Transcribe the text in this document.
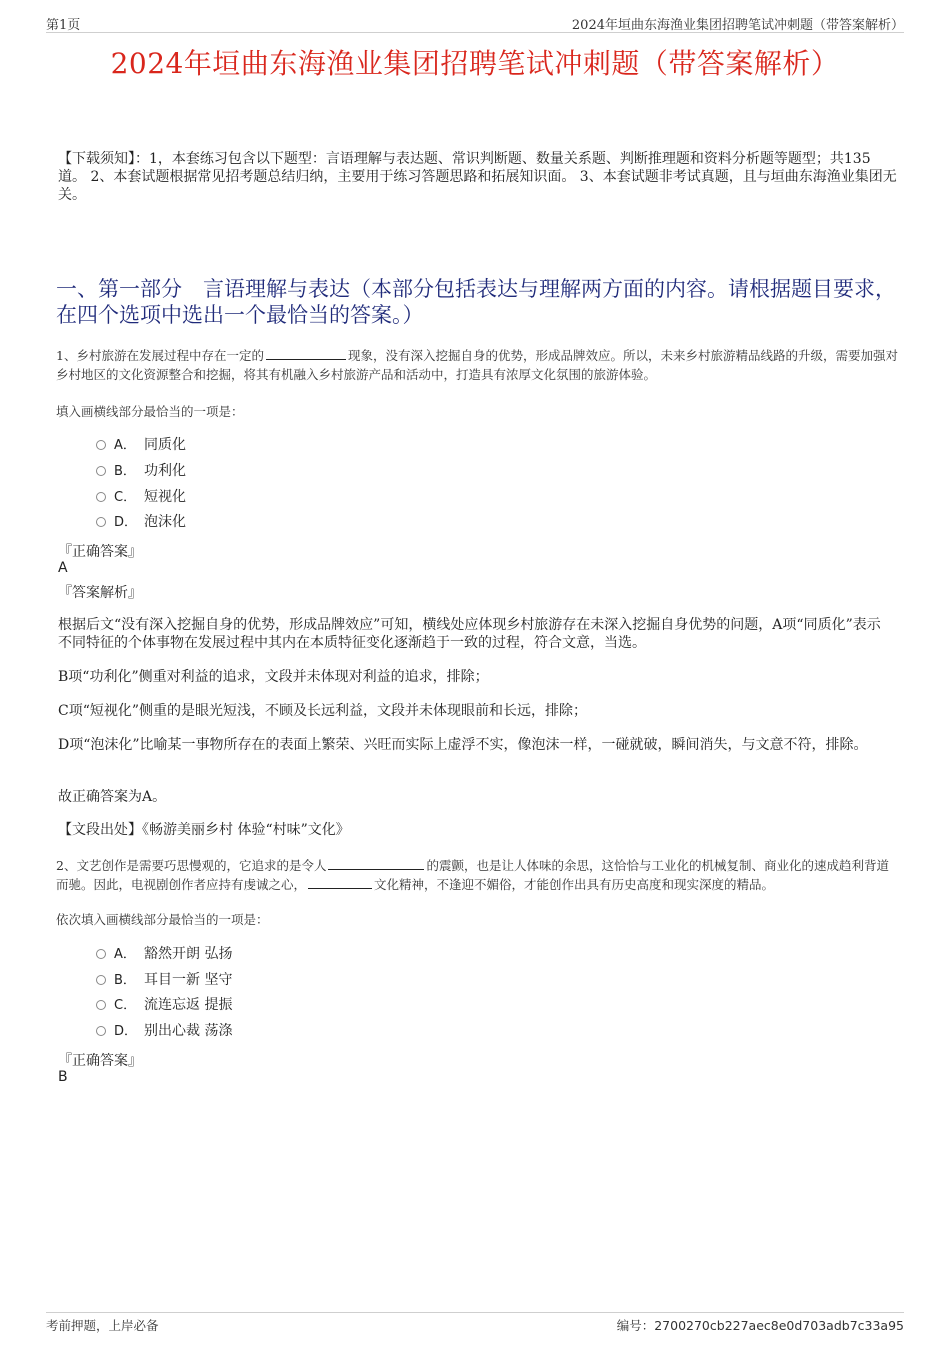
第1页	2024年垣曲东海渔业集团招聘笔试冲刺题（带答案解析）
2024年垣曲东海渔业集团招聘笔试冲刺题（带答案解析）
【下载须知】：1，本套练习包含以下题型：言语理解与表达题、常识判断题、数量关系题、判断推理题和资料分析题等题型；共135道。 2、本套试题根据常见招考题总结归纳，主要用于练习答题思路和拓展知识面。 3、本套试题非考试真题，且与垣曲东海渔业集团无关。
一、第一部分　言语理解与表达（本部分包括表达与理解两方面的内容。请根据题目要求，在四个选项中选出一个最恰当的答案。）
1、乡村旅游在发展过程中存在一定的	现象，没有深入挖掘自身的优势，形成品牌效应。所以，未来乡村旅游精品线路的升级，需要加强对乡村地区的文化资源整合和挖掘，将其有机融入乡村旅游产品和活动中，打造具有浓厚文化氛围的旅游体验。
填入画横线部分最恰当的一项是：
A． 同质化
B． 功利化
C． 短视化
D． 泡沫化
『正确答案』
A
『答案解析』
根据后文“没有深入挖掘自身的优势，形成品牌效应”可知，横线处应体现乡村旅游存在未深入挖掘自身优势的问题，A项“同质化”表示不同特征的个体事物在发展过程中其内在本质特征变化逐渐趋于一致的过程，符合文意，当选。
B项“功利化”侧重对利益的追求，文段并未体现对利益的追求，排除；
C项“短视化”侧重的是眼光短浅，不顾及长远利益，文段并未体现眼前和长远，排除；
D项“泡沫化”比喻某一事物所存在的表面上繁荣、兴旺而实际上虚浮不实，像泡沫一样，一碰就破，瞬间消失，与文意不符，排除。
故正确答案为A。
【文段出处】《畅游美丽乡村 体验“村味”文化》
2、文艺创作是需要巧思慢观的，它追求的是令人	的震颤，也是让人体味的余思，这恰恰与工业化的机械复制、商业化的速成趋利背道而驰。因此，电视剧创作者应持有虔诚之心，	文化精神，不逢迎不媚俗，才能创作出具有历史高度和现实深度的精品。
依次填入画横线部分最恰当的一项是：
A． 豁然开朗 弘扬
B． 耳目一新 坚守
C． 流连忘返 提振
D． 别出心裁 荡涤
『正确答案』
B
考前押题，上岸必备	编号：2700270cb227aec8e0d703adb7c33a95
